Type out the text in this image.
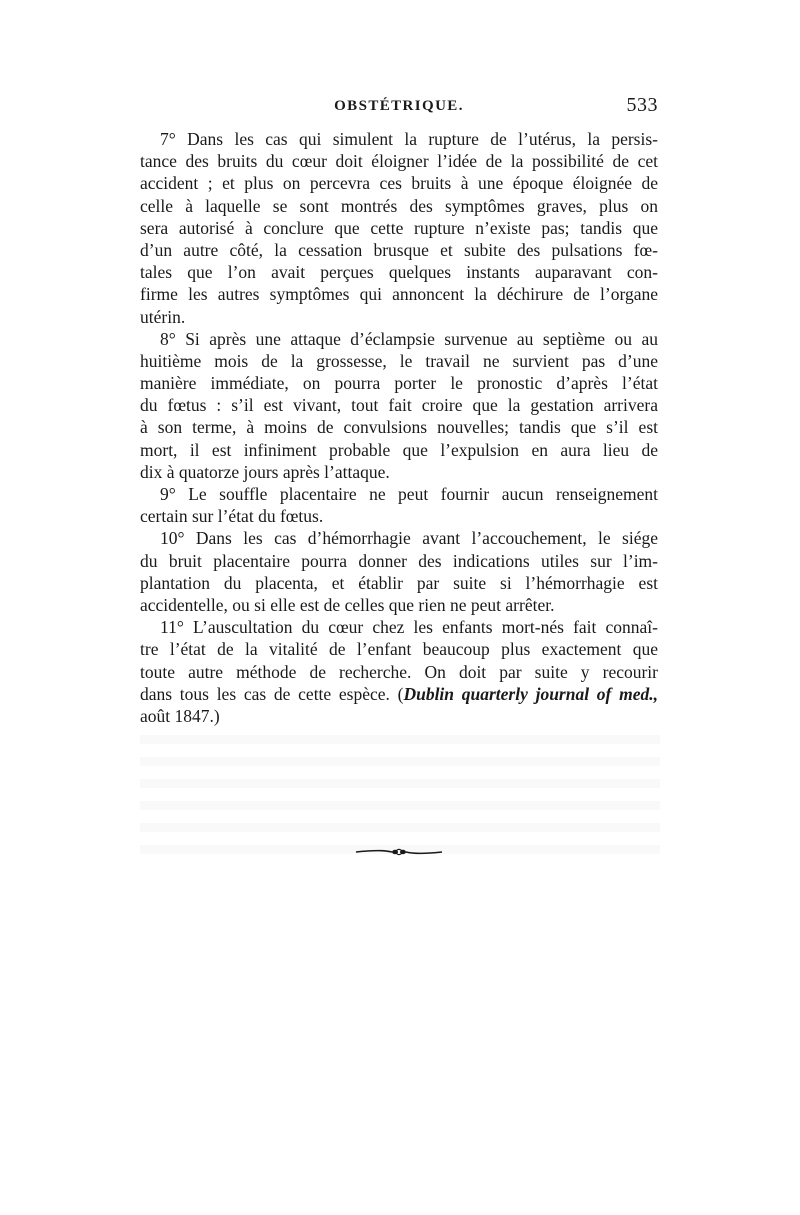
OBSTÉTRIQUE.	533
7° Dans les cas qui simulent la rupture de l’utérus, la persis-
tance des bruits du cœur doit éloigner l’idée de la possibilité de cet
accident ; et plus on percevra ces bruits à une époque éloignée de
celle à laquelle se sont montrés des symptômes graves, plus on
sera autorisé à conclure que cette rupture n’existe pas; tandis que
d’un autre côté, la cessation brusque et subite des pulsations fœ-
tales que l’on avait perçues quelques instants auparavant con-
firme les autres symptômes qui annoncent la déchirure de l’organe
utérin.
8° Si après une attaque d’éclampsie survenue au septième ou au
huitième mois de la grossesse, le travail ne survient pas d’une
manière immédiate, on pourra porter le pronostic d’après l’état
du fœtus : s’il est vivant, tout fait croire que la gestation arrivera
à son terme, à moins de convulsions nouvelles; tandis que s’il est
mort, il est infiniment probable que l’expulsion en aura lieu de
dix à quatorze jours après l’attaque.
9° Le souffle placentaire ne peut fournir aucun renseignement
certain sur l’état du fœtus.
10° Dans les cas d’hémorrhagie avant l’accouchement, le siége
du bruit placentaire pourra donner des indications utiles sur l’im-
plantation du placenta, et établir par suite si l’hémorrhagie est
accidentelle, ou si elle est de celles que rien ne peut arrêter.
11° L’auscultation du cœur chez les enfants mort-nés fait connaî-
tre l’état de la vitalité de l’enfant beaucoup plus exactement que
toute autre méthode de recherche. On doit par suite y recourir
dans tous les cas de cette espèce. (Dublin quarterly journal of med.,
août 1847.)
